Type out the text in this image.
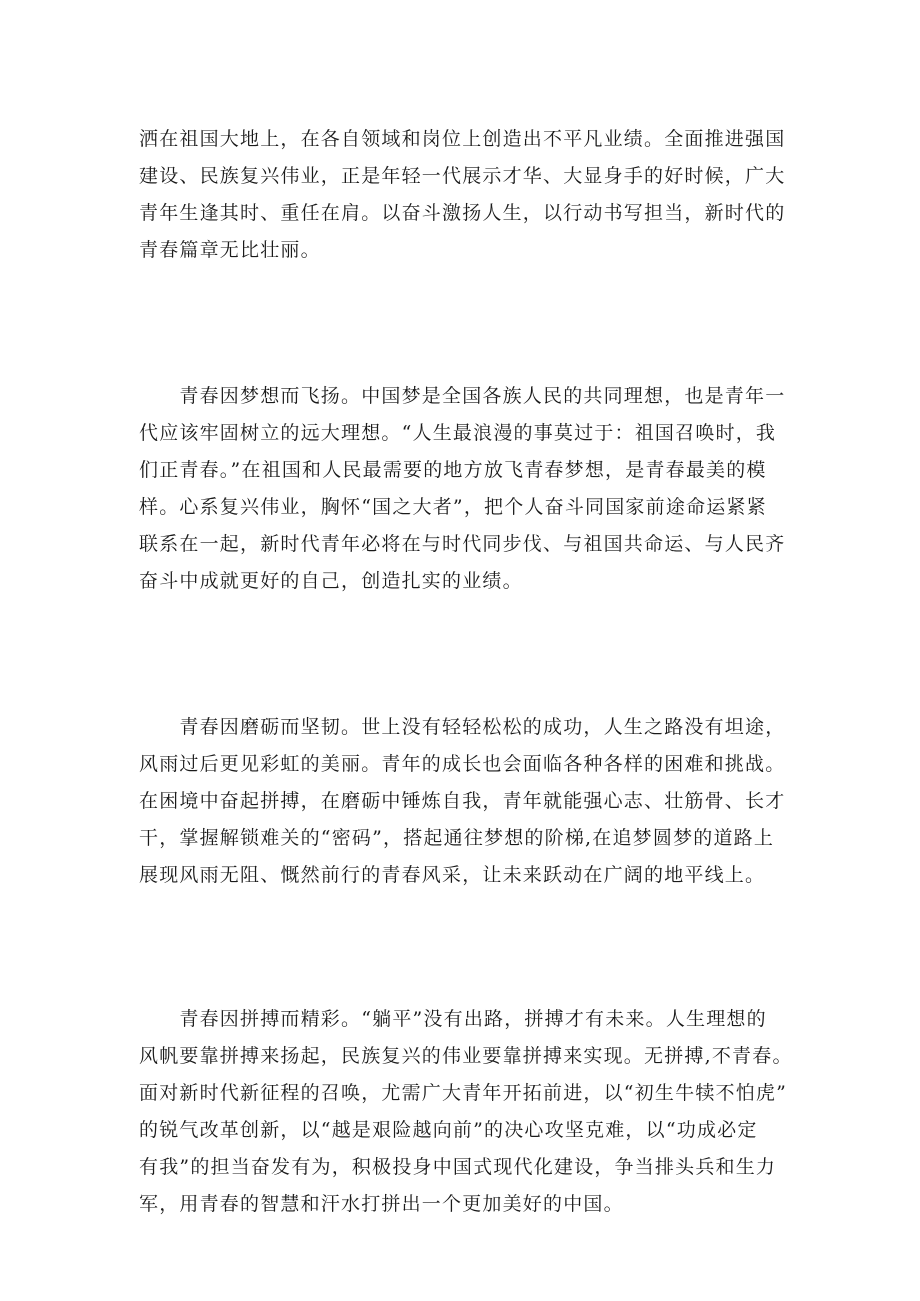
洒在祖国大地上，在各自领域和岗位上创造出不平凡业绩。全面推进强国
建设、民族复兴伟业，正是年轻一代展示才华、大显身手的好时候，广大
青年生逢其时、重任在肩。以奋斗激扬人生，以行动书写担当，新时代的
青春篇章无比壮丽。
　　青春因梦想而飞扬。中国梦是全国各族人民的共同理想，也是青年一
代应该牢固树立的远大理想。“人生最浪漫的事莫过于：祖国召唤时，我
们正青春。”在祖国和人民最需要的地方放飞青春梦想，是青春最美的模
样。心系复兴伟业，胸怀“国之大者”，把个人奋斗同国家前途命运紧紧
联系在一起，新时代青年必将在与时代同步伐、与祖国共命运、与人民齐
奋斗中成就更好的自己，创造扎实的业绩。
　　青春因磨砺而坚韧。世上没有轻轻松松的成功，人生之路没有坦途，
风雨过后更见彩虹的美丽。青年的成长也会面临各种各样的困难和挑战。
在困境中奋起拼搏，在磨砺中锤炼自我，青年就能强心志、壮筋骨、长才
干，掌握解锁难关的“密码”，搭起通往梦想的阶梯,在追梦圆梦的道路上
展现风雨无阻、慨然前行的青春风采，让未来跃动在广阔的地平线上。
　　青春因拼搏而精彩。“躺平”没有出路，拼搏才有未来。人生理想的
风帆要靠拼搏来扬起，民族复兴的伟业要靠拼搏来实现。无拼搏,不青春。
面对新时代新征程的召唤，尤需广大青年开拓前进，以“初生牛犊不怕虎”
的锐气改革创新，以“越是艰险越向前”的决心攻坚克难，以“功成必定
有我”的担当奋发有为，积极投身中国式现代化建设，争当排头兵和生力
军，用青春的智慧和汗水打拼出一个更加美好的中国。
